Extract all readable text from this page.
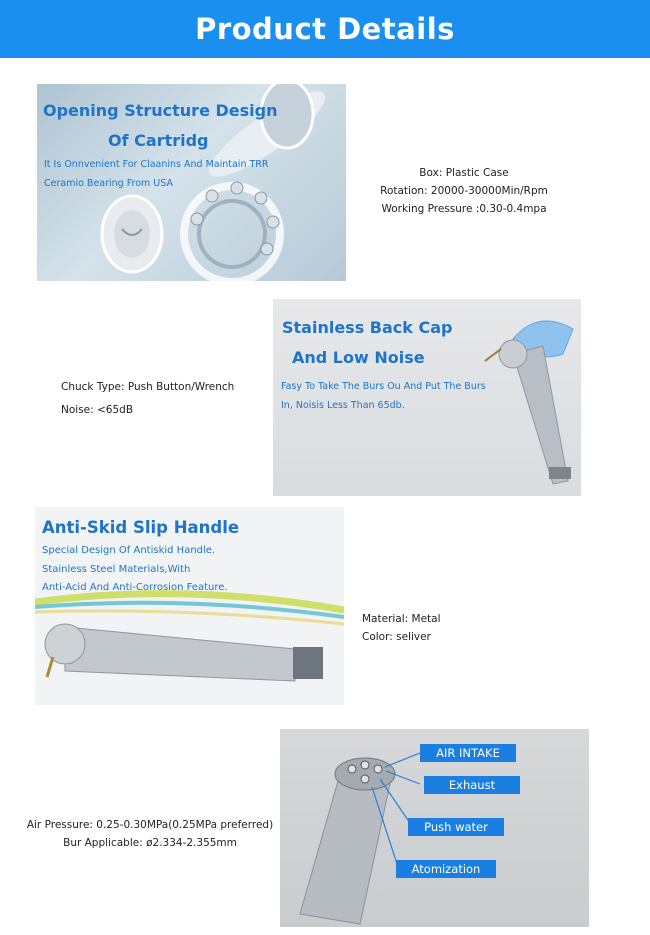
Product Details
Opening Structure Design
Of Cartridg
It Is Onnvenient For Claanins And Maintain TRR
Ceramio Bearing From USA
Box: Plastic Case
Rotation: 20000-30000Min/Rpm
Working Pressure :0.30-0.4mpa
Stainless Back Cap
And Low Noise
Fasy To Take The Burs Ou And Put The Burs
In, Noisis Less Than 65db.
Chuck Type: Push Button/Wrench
Noise: <65dB
Anti-Skid Slip Handle
Special Design Of Antiskid Handle.
Stainless Steel Materials,With
Anti-Acid And Anti-Corrosion Feature.
Material: Metal
Color: seliver
AIR INTAKE
Exhaust
Push water
Atomization
Air Pressure: 0.25-0.30MPa(0.25MPa preferred)
Bur Applicable: ø2.334-2.355mm
